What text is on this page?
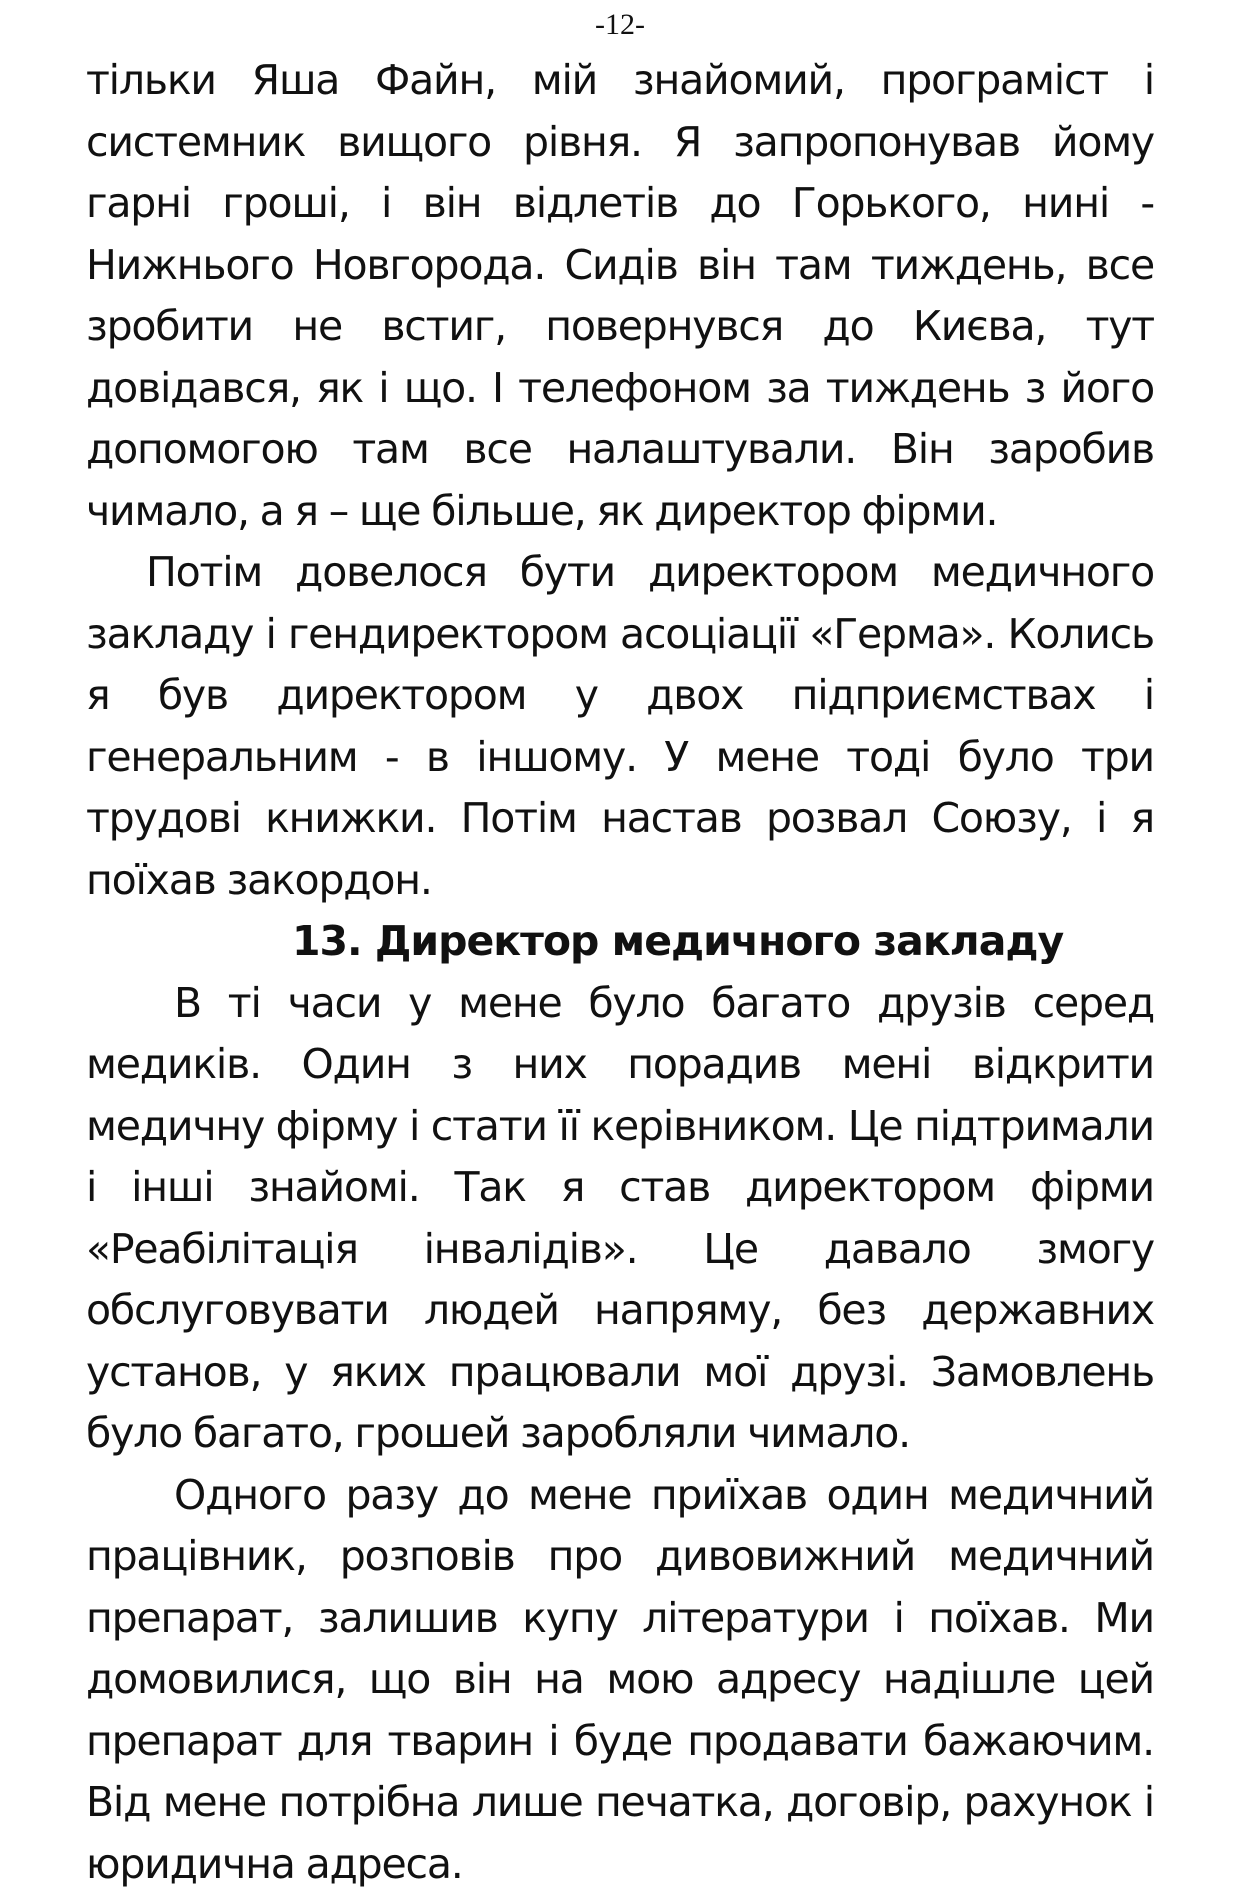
-12-

тільки Яша Файн, мій знайомий, програміст і системник вищого рівня. Я запропонував йому гарні гроші, і він відлетів до Горького, нині - Нижнього Новгорода. Сидів він там тиждень, все зробити не встиг, повернувся до Києва, тут довідався, як і що. І телефоном за тиждень з його допомогою там все налаштували. Він заробив чимало, а я – ще більше, як директор фірми.

Потім довелося бути директором медичного закладу і гендиректором асоціації «Герма». Колись я був директором у двох підприємствах і генеральним - в іншому. У мене тоді було три трудові книжки. Потім настав розвал Союзу, і я поїхав закордон.

13. Директор медичного закладу

В ті часи у мене було багато друзів серед медиків. Один з них порадив мені відкрити медичну фірму і стати її керівником. Це підтримали і інші знайомі. Так я став директором фірми «Реабілітація інвалідів». Це давало змогу обслуговувати людей напряму, без державних установ, у яких працювали мої друзі. Замовлень було багато, грошей заробляли чимало.

Одного разу до мене приїхав один медичний працівник, розповів про дивовижний медичний препарат, залишив купу літератури і поїхав. Ми домовилися, що він на мою адресу надішле цей препарат для тварин і буде продавати бажаючим. Від мене потрібна лише печатка, договір, рахунок і юридична адреса.
